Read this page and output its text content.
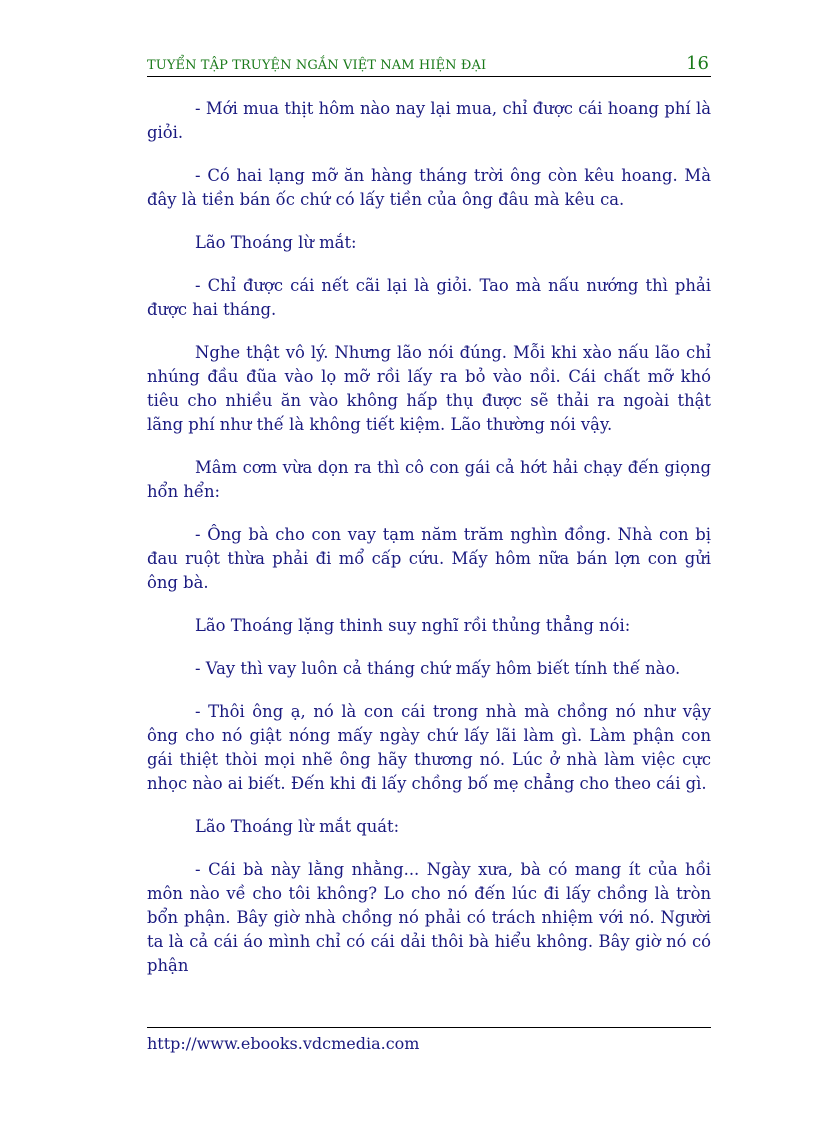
TUYỂN TẬP TRUYỆN NGẮN VIỆT NAM HIỆN ĐẠI	16

- Mới mua thịt hôm nào nay lại mua, chỉ được cái hoang phí là giỏi.

- Có hai lạng mỡ ăn hàng tháng trời ông còn kêu hoang. Mà đây là tiền bán ốc chứ có lấy tiền của ông đâu mà kêu ca.

Lão Thoáng lừ mắt:

- Chỉ được cái nết cãi lại là giỏi. Tao mà nấu nướng thì phải được hai tháng.

Nghe thật vô lý. Nhưng lão nói đúng. Mỗi khi xào nấu lão chỉ nhúng đầu đũa vào lọ mỡ rồi lấy ra bỏ vào nồi. Cái chất mỡ khó tiêu cho nhiều ăn vào không hấp thụ được sẽ thải ra ngoài thật lãng phí như thế là không tiết kiệm. Lão thường nói vậy.

Mâm cơm vừa dọn ra thì cô con gái cả hớt hải chạy đến giọng hổn hển:

- Ông bà cho con vay tạm năm trăm nghìn đồng. Nhà con bị đau ruột thừa phải đi mổ cấp cứu. Mấy hôm nữa bán lợn con gửi ông bà.

Lão Thoáng lặng thinh suy nghĩ rồi thủng thẳng nói:

- Vay thì vay luôn cả tháng chứ mấy hôm biết tính thế nào.

- Thôi ông ạ, nó là con cái trong nhà mà chồng nó như vậy ông cho nó giật nóng mấy ngày chứ lấy lãi làm gì. Làm phận con gái thiệt thòi mọi nhẽ ông hãy thương nó. Lúc ở nhà làm việc cực nhọc nào ai biết. Đến khi đi lấy chồng bố mẹ chẳng cho theo cái gì.

Lão Thoáng lừ mắt quát:

- Cái bà này lằng nhằng... Ngày xưa, bà có mang ít của hồi môn nào về cho tôi không? Lo cho nó đến lúc đi lấy chồng là tròn bổn phận. Bây giờ nhà chồng nó phải có trách nhiệm với nó. Người ta là cả cái áo mình chỉ có cái dải thôi bà hiểu không. Bây giờ nó có phận

http://www.ebooks.vdcmedia.com
